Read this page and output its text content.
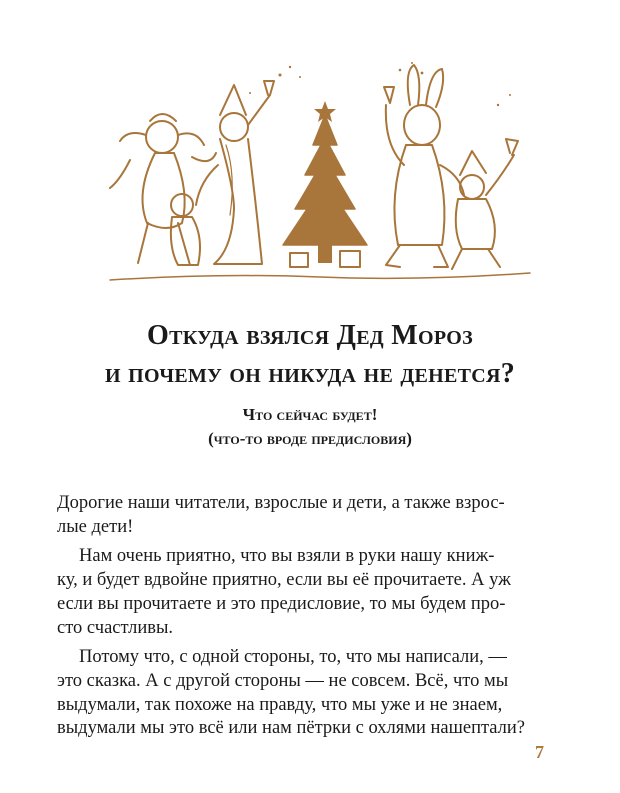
Откуда взялся Дед Мороз
и почему он никуда не денется?
Что сейчас будет!
(что-то вроде предисловия)
Дорогие наши читатели, взрослые и дети, а также взрос-
лые дети!
Нам очень приятно, что вы взяли в руки нашу книж-
ку, и будет вдвойне приятно, если вы её прочитаете. А уж
если вы прочитаете и это предисловие, то мы будем про-
сто счастливы.
Потому что, с одной стороны, то, что мы написали, —
это сказка. А с другой стороны — не совсем. Всё, что мы
выдумали, так похоже на правду, что мы уже и не знаем,
выдумали мы это всё или нам пётрки с охлями нашептали?
7
